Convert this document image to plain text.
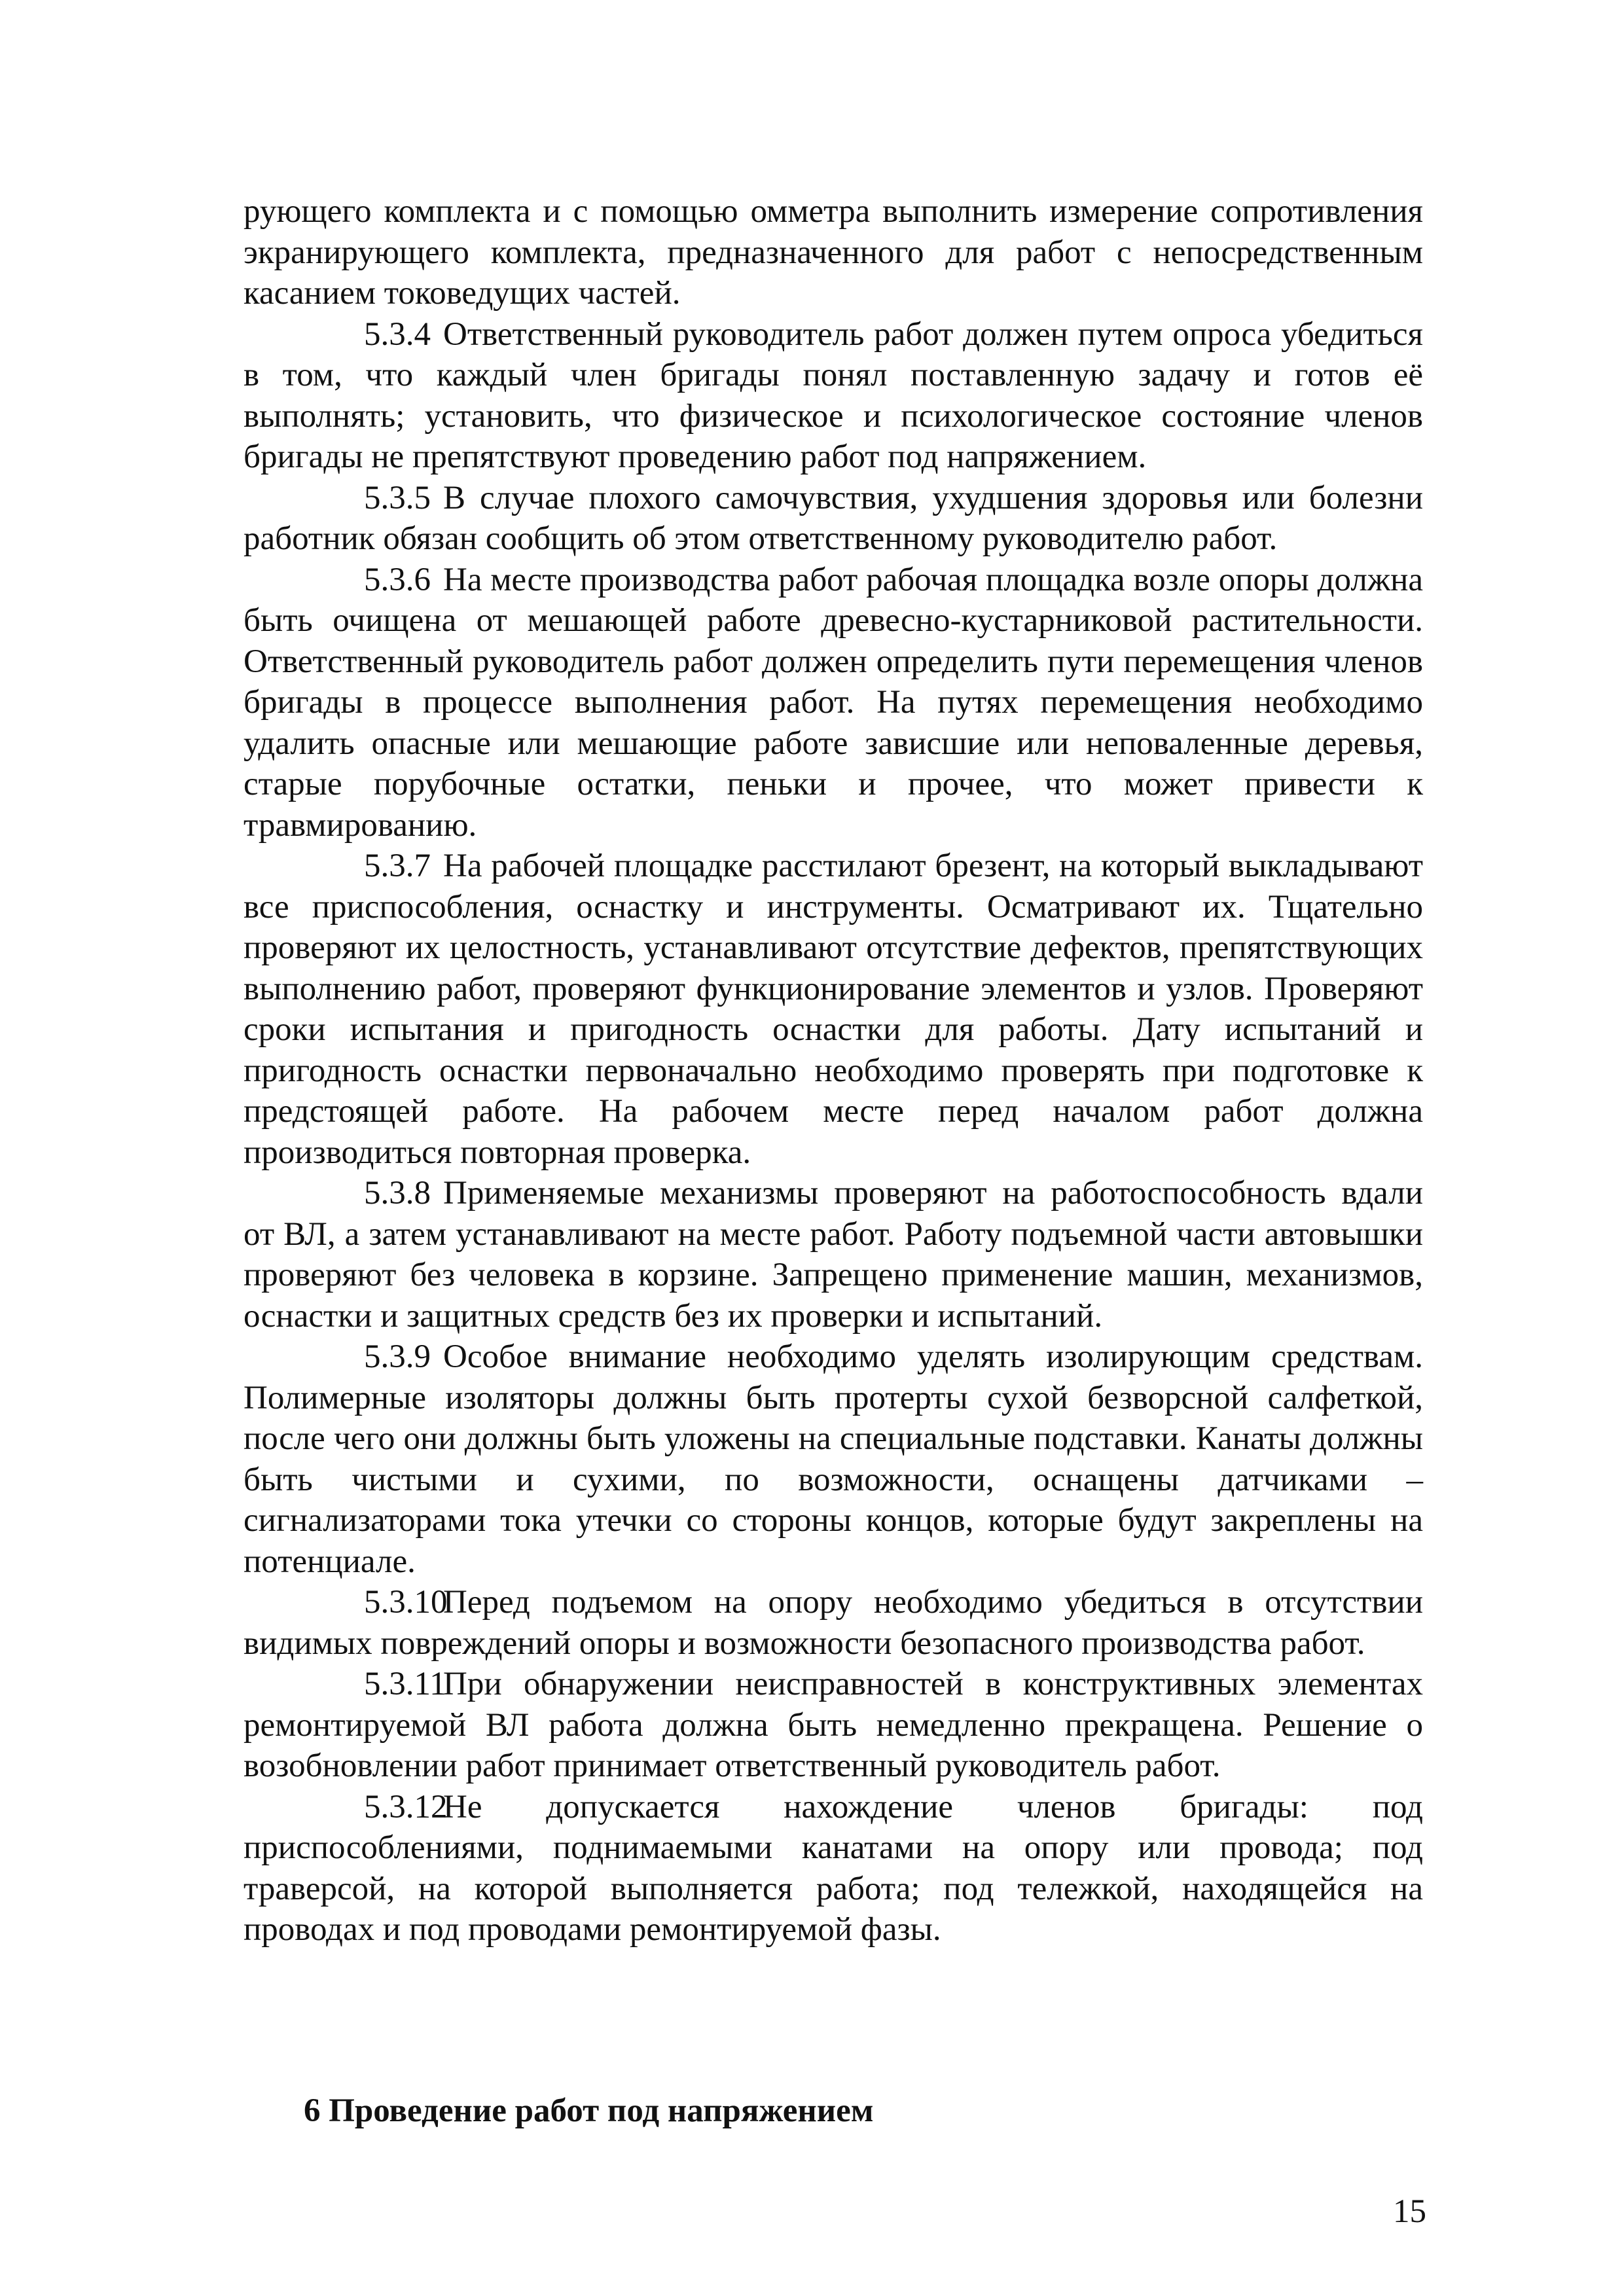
рующего комплекта и с помощью омметра выполнить измерение сопротивления экранирующего комплекта, предназначенного для работ с непосредственным касанием токоведущих частей.

5.3.4 Ответственный руководитель работ должен путем опроса убедиться в том, что каждый член бригады понял поставленную задачу и готов её выполнять; установить, что физическое и психологическое состояние членов бригады не препятствуют проведению работ под напряжением.

5.3.5 В случае плохого самочувствия, ухудшения здоровья или болезни работник обязан сообщить об этом ответственному руководителю работ.

5.3.6 На месте производства работ рабочая площадка возле опоры должна быть очищена от мешающей работе древесно-кустарниковой растительности. Ответственный руководитель работ должен определить пути перемещения членов бригады в процессе выполнения работ. На путях перемещения необходимо удалить опасные или мешающие работе зависшие или неповаленные деревья, старые порубочные остатки, пеньки и прочее, что может привести к травмированию.

5.3.7 На рабочей площадке расстилают брезент, на который выкладывают все приспособления, оснастку и инструменты. Осматривают их. Тщательно проверяют их целостность, устанавливают отсутствие дефектов, препятствующих выполнению работ, проверяют функционирование элементов и узлов. Проверяют сроки испытания и пригодность оснастки для работы. Дату испытаний и пригодность оснастки первоначально необходимо проверять при подготовке к предстоящей работе. На рабочем месте перед началом работ должна производиться повторная проверка.

5.3.8 Применяемые механизмы проверяют на работоспособность вдали от ВЛ, а затем устанавливают на месте работ. Работу подъемной части автовышки проверяют без человека в корзине. Запрещено применение машин, механизмов, оснастки и защитных средств без их проверки и испытаний.

5.3.9 Особое внимание необходимо уделять изолирующим средствам. Полимерные изоляторы должны быть протерты сухой безворсной салфеткой, после чего они должны быть уложены на специальные подставки. Канаты должны быть чистыми и сухими, по возможности, оснащены датчиками – сигнализаторами тока утечки со стороны концов, которые будут закреплены на потенциале.

5.3.10Перед подъемом на опору необходимо убедиться в отсутствии видимых повреждений опоры и возможности безопасного производства работ.

5.3.11При обнаружении неисправностей в конструктивных элементах ремонтируемой ВЛ работа должна быть немедленно прекращена. Решение о возобновлении работ принимает ответственный руководитель работ.

5.3.12Не допускается нахождение членов бригады: под приспособлениями, поднимаемыми канатами на опору или провода; под траверсой, на которой выполняется работа; под тележкой, находящейся на проводах и под проводами ремонтируемой фазы.

6 Проведение работ под напряжением
15
